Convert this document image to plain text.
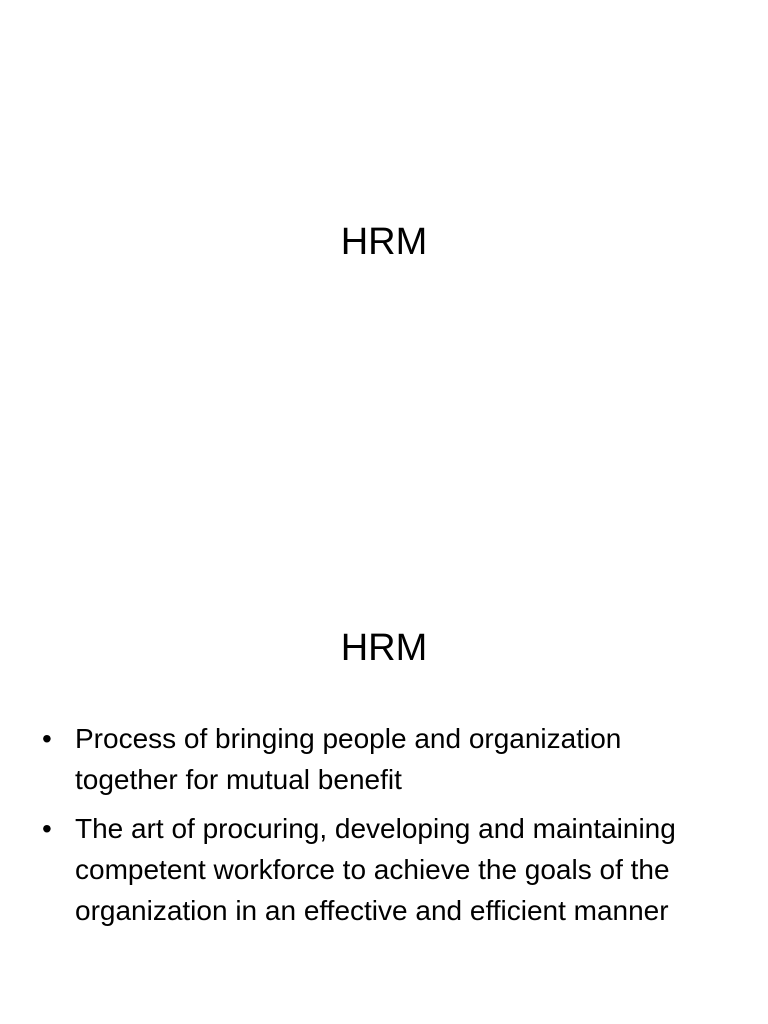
HRM
HRM
• Process of bringing people and organization together for mutual benefit
• The art of procuring, developing and maintaining competent workforce to achieve the goals of the organization in an effective and efficient manner
